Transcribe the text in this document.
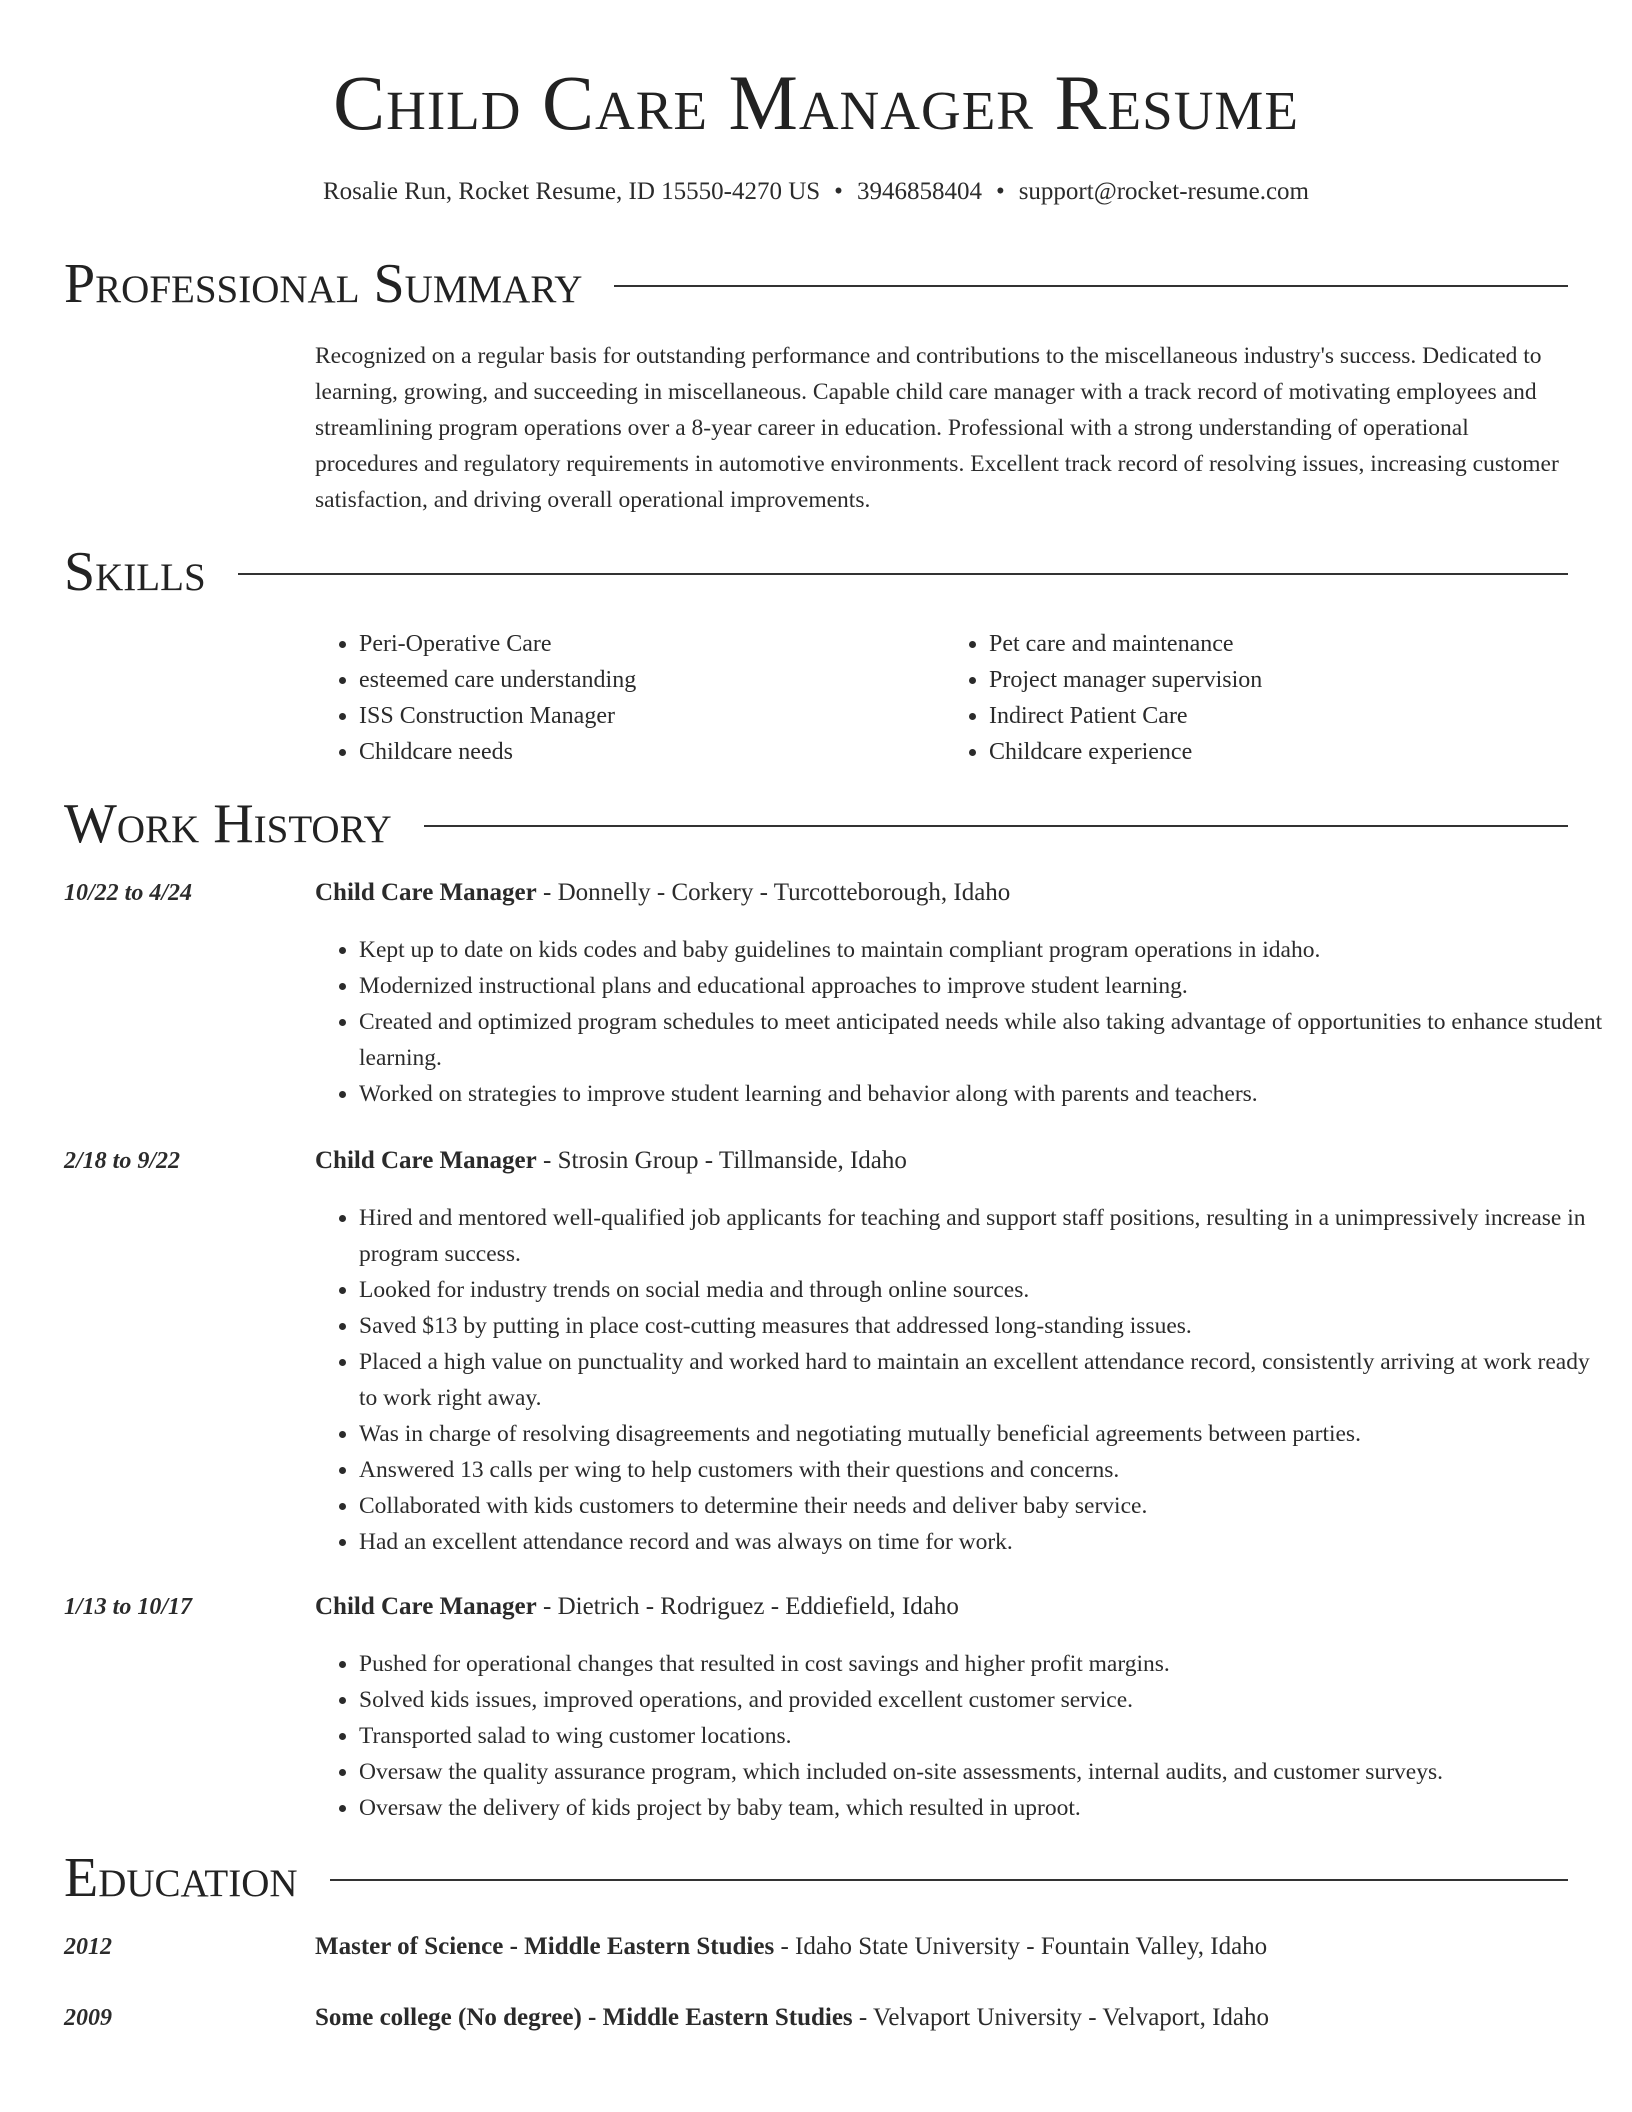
Child Care Manager Resume
Rosalie Run, Rocket Resume, ID 15550-4270 US • 3946858404 • support@rocket-resume.com
Professional Summary

Recognized on a regular basis for outstanding performance and contributions to the miscellaneous industry's success. Dedicated to learning, growing, and succeeding in miscellaneous. Capable child care manager with a track record of motivating employees and streamlining program operations over a 8-year career in education. Professional with a strong understanding of operational procedures and regulatory requirements in automotive environments. Excellent track record of resolving issues, increasing customer satisfaction, and driving overall operational improvements.

Skills
• Peri-Operative Care
• esteemed care understanding
• ISS Construction Manager
• Childcare needs
• Pet care and maintenance
• Project manager supervision
• Indirect Patient Care
• Childcare experience
Work History
10/22 to 4/24	Child Care Manager - Donnelly - Corkery - Turcotteborough, Idaho
• Kept up to date on kids codes and baby guidelines to maintain compliant program operations in idaho.
• Modernized instructional plans and educational approaches to improve student learning.
• Created and optimized program schedules to meet anticipated needs while also taking advantage of opportunities to enhance student learning.
• Worked on strategies to improve student learning and behavior along with parents and teachers.
2/18 to 9/22	Child Care Manager - Strosin Group - Tillmanside, Idaho
• Hired and mentored well-qualified job applicants for teaching and support staff positions, resulting in a unimpressively increase in program success.
• Looked for industry trends on social media and through online sources.
• Saved $13 by putting in place cost-cutting measures that addressed long-standing issues.
• Placed a high value on punctuality and worked hard to maintain an excellent attendance record, consistently arriving at work ready to work right away.
• Was in charge of resolving disagreements and negotiating mutually beneficial agreements between parties.
• Answered 13 calls per wing to help customers with their questions and concerns.
• Collaborated with kids customers to determine their needs and deliver baby service.
• Had an excellent attendance record and was always on time for work.
1/13 to 10/17	Child Care Manager - Dietrich - Rodriguez - Eddiefield, Idaho
• Pushed for operational changes that resulted in cost savings and higher profit margins.
• Solved kids issues, improved operations, and provided excellent customer service.
• Transported salad to wing customer locations.
• Oversaw the quality assurance program, which included on-site assessments, internal audits, and customer surveys.
• Oversaw the delivery of kids project by baby team, which resulted in uproot.
Education
2012	Master of Science - Middle Eastern Studies - Idaho State University - Fountain Valley, Idaho
2009	Some college (No degree) - Middle Eastern Studies - Velvaport University - Velvaport, Idaho
